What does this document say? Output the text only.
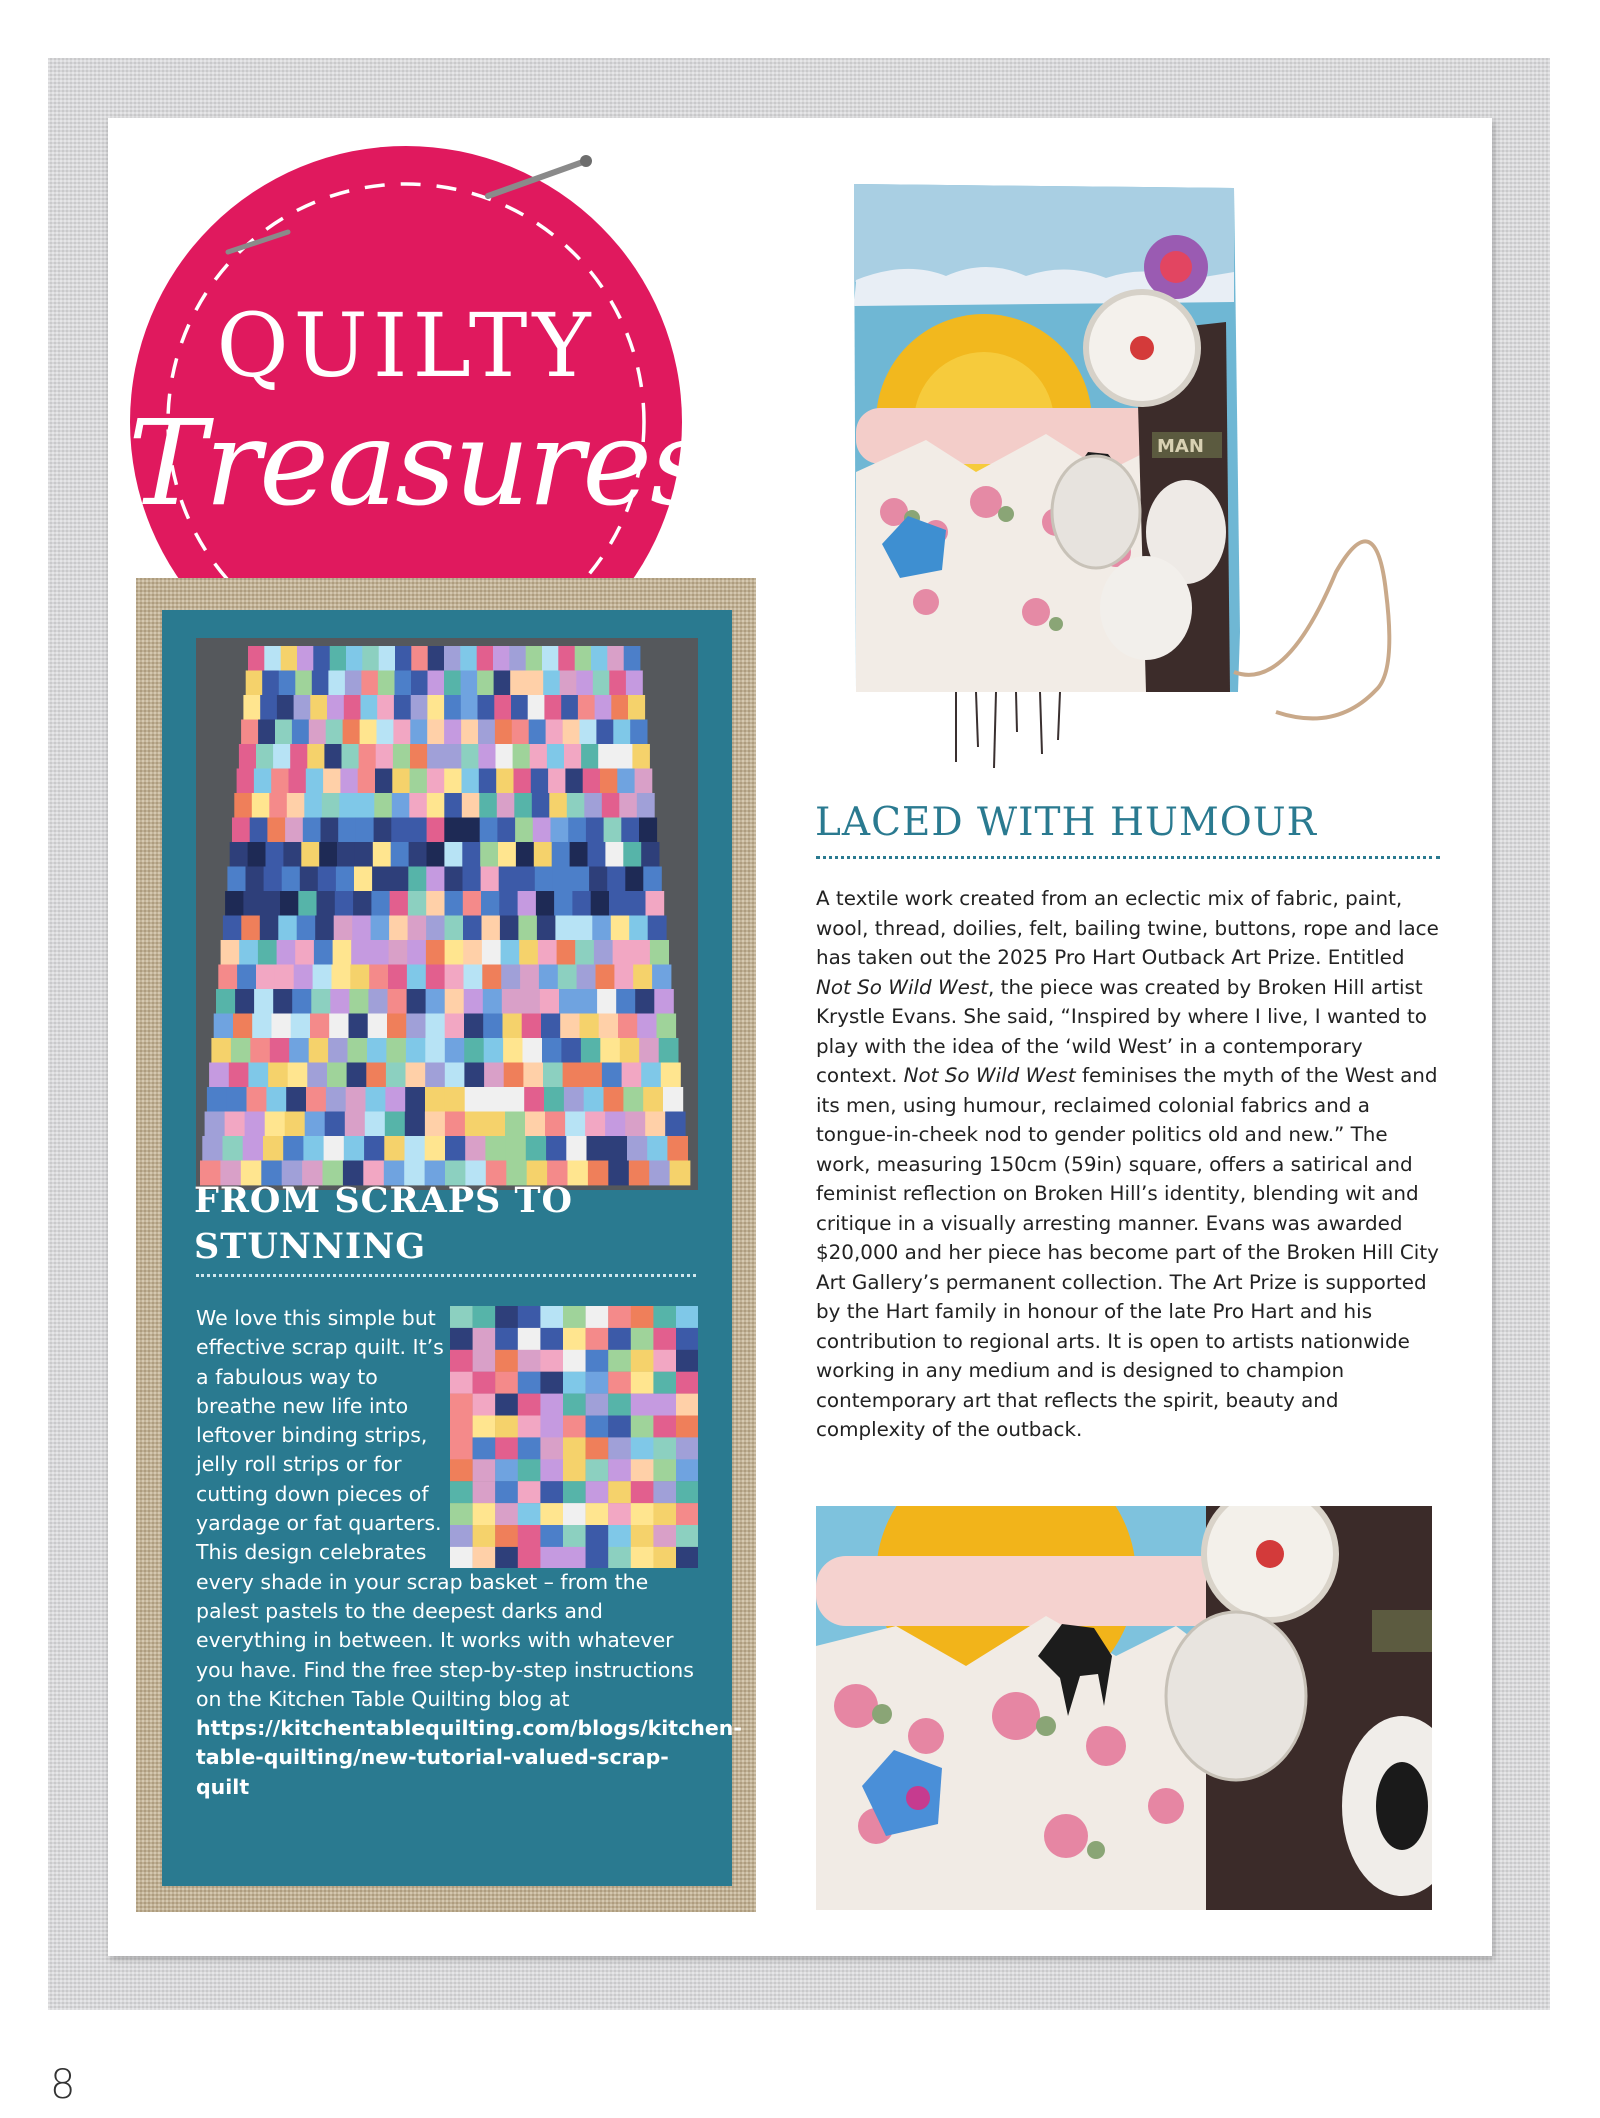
QUILTY
Treasures
FROM SCRAPS TO STUNNING
We love this simple but effective scrap quilt. It’s a fabulous way to breathe new life into leftover binding strips, jelly roll strips or for cutting down pieces of yardage or fat quarters. This design celebrates every shade in your scrap basket – from the palest pastels to the deepest darks and everything in between. It works with whatever you have. Find the free step-by-step instructions on the Kitchen Table Quilting blog at https://kitchentablequilting.com/blogs/kitchen-table-quilting/new-tutorial-valued-scrap-quilt
MAN
LACED WITH HUMOUR
A textile work created from an eclectic mix of fabric, paint, wool, thread, doilies, felt, bailing twine, buttons, rope and lace has taken out the 2025 Pro Hart Outback Art Prize. Entitled Not So Wild West, the piece was created by Broken Hill artist Krystle Evans. She said, “Inspired by where I live, I wanted to play with the idea of the ‘wild West’ in a contemporary context. Not So Wild West feminises the myth of the West and its men, using humour, reclaimed colonial fabrics and a tongue-in-cheek nod to gender politics old and new.” The work, measuring 150cm (59in) square, offers a satirical and feminist reflection on Broken Hill’s identity, blending wit and critique in a visually arresting manner. Evans was awarded $20,000 and her piece has become part of the Broken Hill City Art Gallery’s permanent collection. The Art Prize is supported by the Hart family in honour of the late Pro Hart and his contribution to regional arts. It is open to artists nationwide working in any medium and is designed to champion contemporary art that reflects the spirit, beauty and complexity of the outback.
8
